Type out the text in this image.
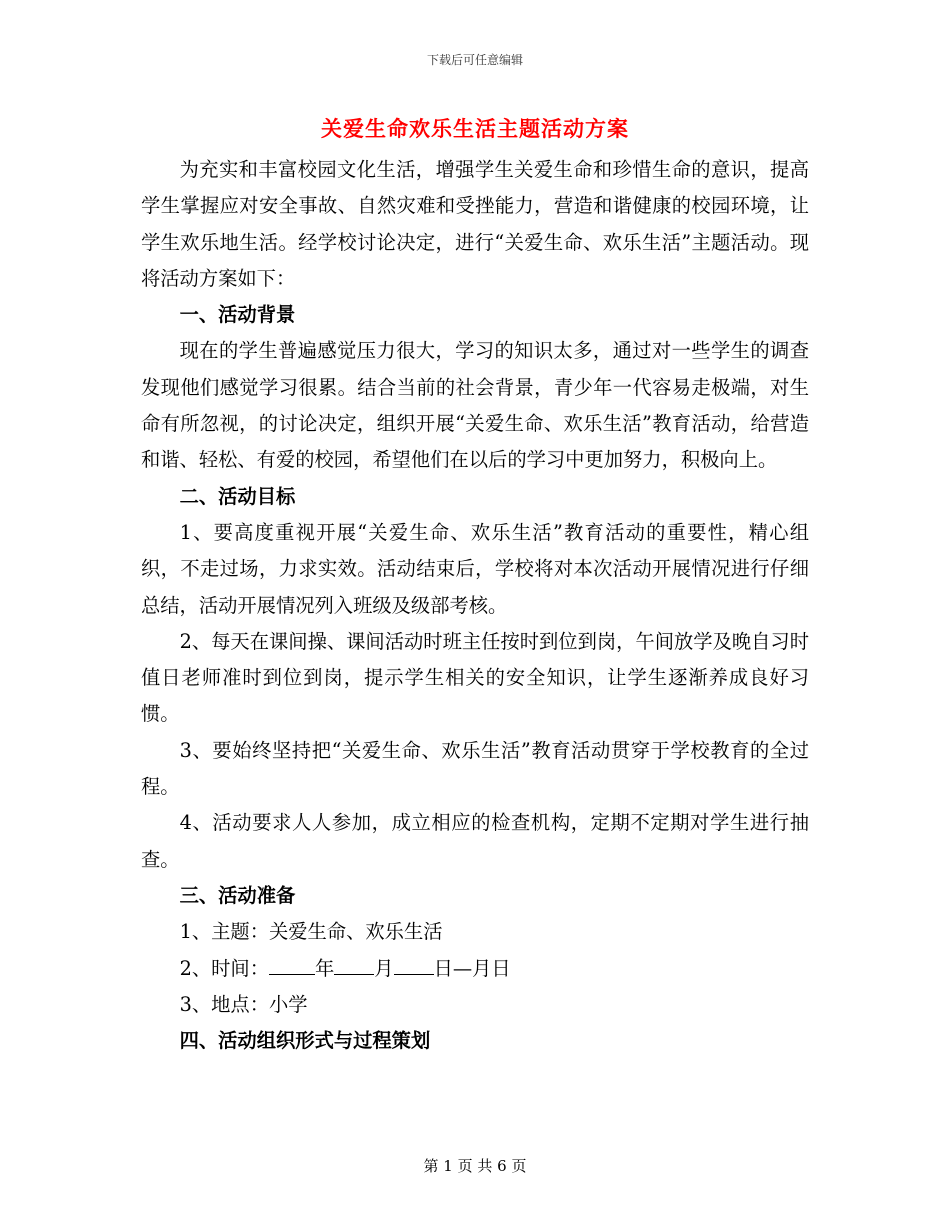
下载后可任意编辑
关爱生命欢乐生活主题活动方案

为充实和丰富校园文化生活，增强学生关爱生命和珍惜生命的意识，提高学生掌握应对安全事故、自然灾难和受挫能力，营造和谐健康的校园环境，让学生欢乐地生活。经学校讨论决定，进行“关爱生命、欢乐生活”主题活动。现将活动方案如下：

一、活动背景

现在的学生普遍感觉压力很大，学习的知识太多，通过对一些学生的调查发现他们感觉学习很累。结合当前的社会背景，青少年一代容易走极端，对生命有所忽视，的讨论决定，组织开展“关爱生命、欢乐生活”教育活动，给营造和谐、轻松、有爱的校园，希望他们在以后的学习中更加努力，积极向上。

二、活动目标

1、要高度重视开展“关爱生命、欢乐生活”教育活动的重要性，精心组织，不走过场，力求实效。活动结束后，学校将对本次活动开展情况进行仔细总结，活动开展情况列入班级及级部考核。

2、每天在课间操、课间活动时班主任按时到位到岗，午间放学及晚自习时值日老师准时到位到岗，提示学生相关的安全知识，让学生逐渐养成良好习惯。

3、要始终坚持把“关爱生命、欢乐生活”教育活动贯穿于学校教育的全过程。

4、活动要求人人参加，成立相应的检查机构，定期不定期对学生进行抽查。

三、活动准备

1、主题：关爱生命、欢乐生活

2、时间： 年 月 日—月日

3、地点：小学

四、活动组织形式与过程策划

第 1 页 共 6 页
